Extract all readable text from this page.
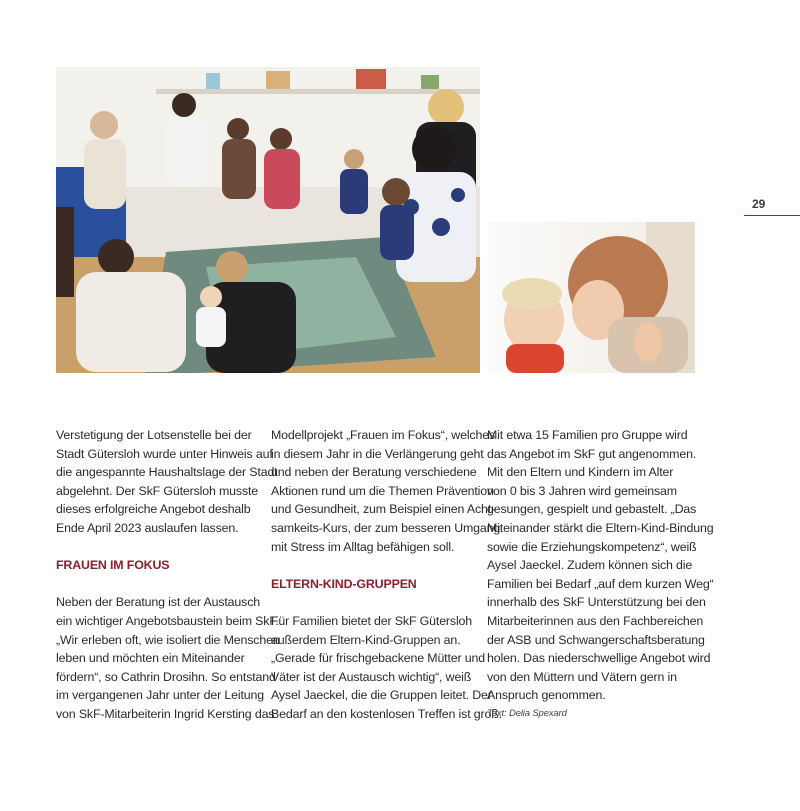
29

Verstetigung der Lotsenstelle bei der
Stadt Gütersloh wurde unter Hinweis auf
die angespannte Haushaltslage der Stadt
abgelehnt. Der SkF Gütersloh musste
dieses erfolgreiche Angebot deshalb
Ende April 2023 auslaufen lassen.

FRAUEN IM FOKUS

Neben der Beratung ist der Austausch
ein wichtiger Angebotsbaustein beim SkF.
„Wir erleben oft, wie isoliert die Menschen
leben und möchten ein Miteinander
fördern“, so Cathrin Drosihn. So entstand
im vergangenen Jahr unter der Leitung
von SkF-Mitarbeiterin Ingrid Kersting das

Modellprojekt „Frauen im Fokus“, welches
in diesem Jahr in die Verlängerung geht
und neben der Beratung verschiedene
Aktionen rund um die Themen Prävention
und Gesundheit, zum Beispiel einen Acht-
samkeits-Kurs, der zum besseren Umgang
mit Stress im Alltag befähigen soll.

ELTERN-KIND-GRUPPEN

Für Familien bietet der SkF Gütersloh
außerdem Eltern-Kind-Gruppen an.
„Gerade für frischgebackene Mütter und
Väter ist der Austausch wichtig“, weiß
Aysel Jaeckel, die die Gruppen leitet. Der
Bedarf an den kostenlosen Treffen ist groß.

Mit etwa 15 Familien pro Gruppe wird
das Angebot im SkF gut angenommen.
Mit den Eltern und Kindern im Alter
von 0 bis 3 Jahren wird gemeinsam
gesungen, gespielt und gebastelt. „Das
Miteinander stärkt die Eltern-Kind-Bindung
sowie die Erziehungskompetenz“, weiß
Aysel Jaeckel. Zudem können sich die
Familien bei Bedarf „auf dem kurzen Weg“
innerhalb des SkF Unterstützung bei den
Mitarbeiterinnen aus den Fachbereichen
der ASB und Schwangerschaftsberatung
holen. Das niederschwellige Angebot wird
von den Müttern und Vätern gern in
Anspruch genommen.

Text: Delia Spexard
